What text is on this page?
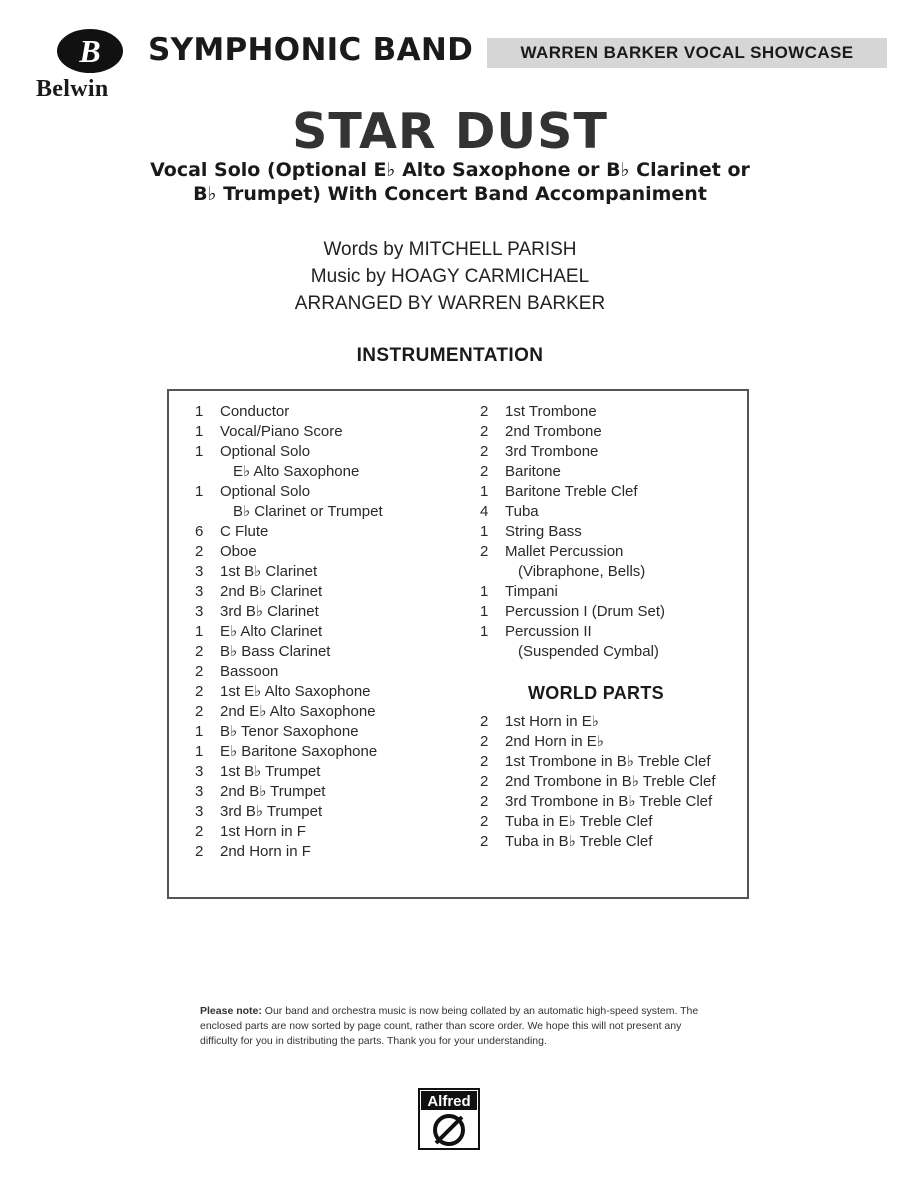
B
Belwin
SYMPHONIC BAND	WARREN BARKER VOCAL SHOWCASE
STAR DUST
Vocal Solo (Optional E♭ Alto Saxophone or B♭ Clarinet or
B♭ Trumpet) With Concert Band Accompaniment
Words by MITCHELL PARISH
Music by HOAGY CARMICHAEL
ARRANGED BY WARREN BARKER
INSTRUMENTATION
1	Conductor
1	Vocal/Piano Score
1	Optional Solo
E♭ Alto Saxophone
1	Optional Solo
B♭ Clarinet or Trumpet
6	C Flute
2	Oboe
3	1st B♭ Clarinet
3	2nd B♭ Clarinet
3	3rd B♭ Clarinet
1	E♭ Alto Clarinet
2	B♭ Bass Clarinet
2	Bassoon
2	1st E♭ Alto Saxophone
2	2nd E♭ Alto Saxophone
1	B♭ Tenor Saxophone
1	E♭ Baritone Saxophone
3	1st B♭ Trumpet
3	2nd B♭ Trumpet
3	3rd B♭ Trumpet
2	1st Horn in F
2	2nd Horn in F
2	1st Trombone
2	2nd Trombone
2	3rd Trombone
2	Baritone
1	Baritone Treble Clef
4	Tuba
1	String Bass
2	Mallet Percussion
(Vibraphone, Bells)
1	Timpani
1	Percussion I (Drum Set)
1	Percussion II
(Suspended Cymbal)
WORLD PARTS
2	1st Horn in E♭
2	2nd Horn in E♭
2	1st Trombone in B♭ Treble Clef
2	2nd Trombone in B♭ Treble Clef
2	3rd Trombone in B♭ Treble Clef
2	Tuba in E♭ Treble Clef
2	Tuba in B♭ Treble Clef
Please note: Our band and orchestra music is now being collated by an automatic high-speed system. The enclosed parts are now sorted by page count, rather than score order. We hope this will not present any difficulty for you in distributing the parts. Thank you for your understanding.
Alfred
